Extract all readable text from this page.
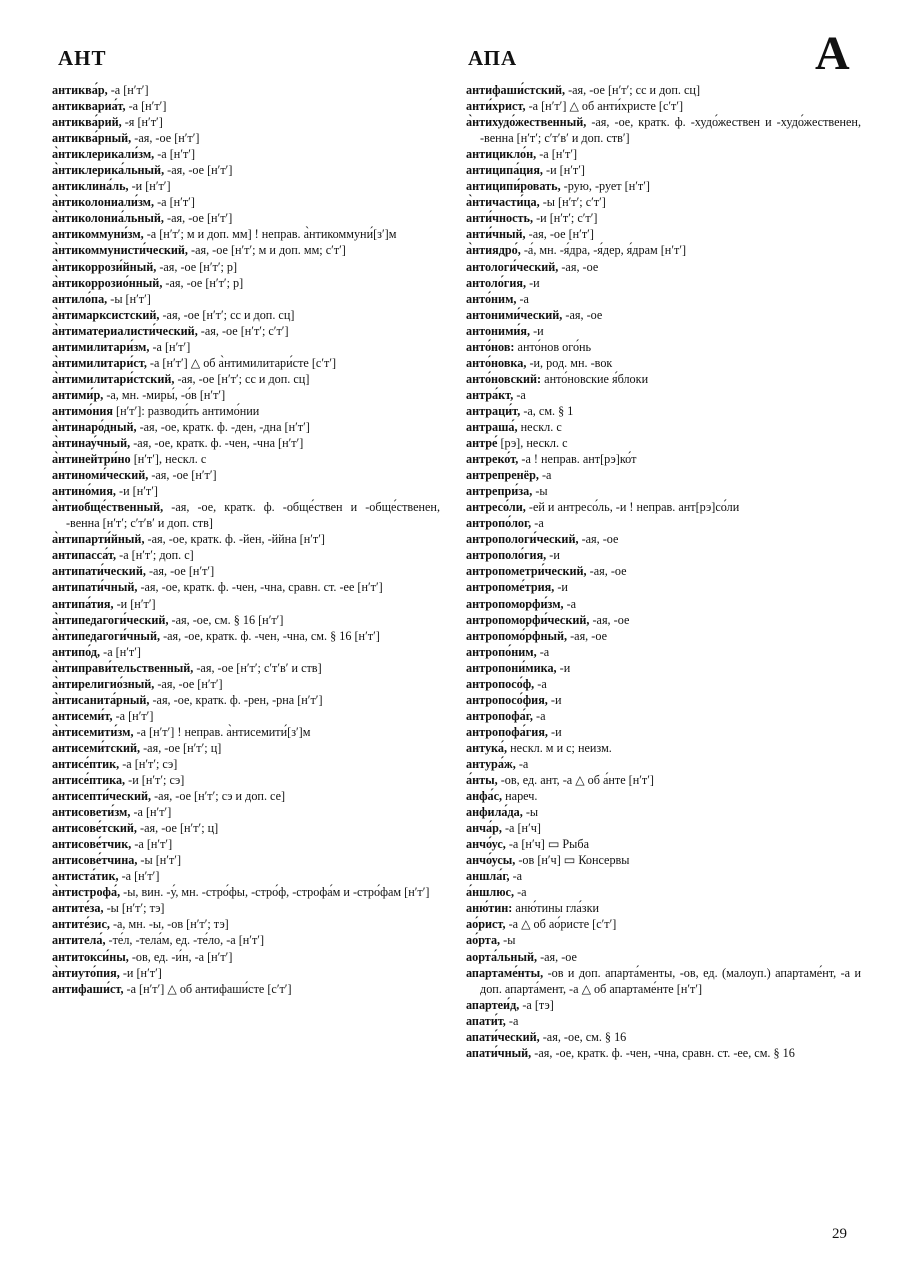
АНТ	АПА	А

антиква́р, -а [нʹтʹ]

антиквариа́т, -а [нʹтʹ]

антиква́рий, -я [нʹтʹ]

антиква́рный, -ая, -ое [нʹтʹ]

а̀нтиклерикали́зм, -а [нʹтʹ]

а̀нтиклерика́льный, -ая, -ое [нʹтʹ]

антиклина́ль, -и [нʹтʹ]

а̀нтиколониали́зм, -а [нʹтʹ]

а̀нтиколониа́льный, -ая, -ое [нʹтʹ]

антикоммуни́зм, -а [нʹтʹ; м и доп. мм] ! неправ. а̀нтикоммуни́[зʹ]м

а̀нтикоммунисти́ческий, -ая, -ое [нʹтʹ; м и доп. мм; сʹтʹ]

а̀нтикоррози́йный, -ая, -ое [нʹтʹ; р]

а̀нтикоррозио́нный, -ая, -ое [нʹтʹ; р]

антило́па, -ы [нʹтʹ]

а̀нтимарксистский, -ая, -ое [нʹтʹ; сс и доп. сц]

а̀нтиматериалисти́ческий, -ая, -ое [нʹтʹ; сʹтʹ]

антимилитари́зм, -а [нʹтʹ]

а̀нтимилитари́ст, -а [нʹтʹ] △ об а̀нтимилитари́сте [сʹтʹ]

а̀нтимилитари́стский, -ая, -ое [нʹтʹ; сс и доп. сц]

антими́р, -а, мн. -миры́, -о́в [нʹтʹ]

антимо́ния [нʹтʹ]: разводи́ть антимо́нии

а̀нтинаро́дный, -ая, -ое, кратк. ф. -ден, -дна [нʹтʹ]

а̀нтинау́чный, -ая, -ое, кратк. ф. -чен, -чна [нʹтʹ]

а̀нтинейтри́но [нʹтʹ], нескл. с

антиноми́ческий, -ая, -ое [нʹтʹ]

антино́мия, -и [нʹтʹ]

а̀нтиобще́ственный, -ая, -ое, кратк. ф. -обще́ствен и -обще́ственен, -венна [нʹтʹ; сʹтʹвʹ и доп. ств]

а̀нтипарти́йный, -ая, -ое, кратк. ф. -йен, -ййна [нʹтʹ]

антипасса́т, -а [нʹтʹ; доп. с]

антипати́ческий, -ая, -ое [нʹтʹ]

антипати́чный, -ая, -ое, кратк. ф. -чен, -чна, сравн. ст. -ее [нʹтʹ]

антипа́тия, -и [нʹтʹ]

а̀нтипедагоги́ческий, -ая, -ое, см. § 16 [нʹтʹ]

а̀нтипедагоги́чный, -ая, -ое, кратк. ф. -чен, -чна, см. § 16 [нʹтʹ]

антипо́д, -а [нʹтʹ]

а̀нтиправи́тельственный, -ая, -ое [нʹтʹ; сʹтʹвʹ и ств]

а̀нтирелигио́зный, -ая, -ое [нʹтʹ]

а̀нтисанита́рный, -ая, -ое, кратк. ф. -рен, -рна [нʹтʹ]

антисеми́т, -а [нʹтʹ]

а̀нтисемити́зм, -а [нʹтʹ] ! неправ. а̀нтисемити́[зʹ]м

антисеми́тский, -ая, -ое [нʹтʹ; ц]

антисе́птик, -а [нʹтʹ; сэ]

антисе́птика, -и [нʹтʹ; сэ]

антисепти́ческий, -ая, -ое [нʹтʹ; сэ и доп. се]

антисовети́зм, -а [нʹтʹ]

антисове́тский, -ая, -ое [нʹтʹ; ц]

антисове́тчик, -а [нʹтʹ]

антисове́тчина, -ы [нʹтʹ]

антиста́тик, -а [нʹтʹ]

а̀нтистрофа́, -ы, вин. -у́, мн. -стро́фы, -стро́ф, -строфа́м и -стро́фам [нʹтʹ]

антите́за, -ы [нʹтʹ; тэ]

антите́зис, -а, мн. -ы, -ов [нʹтʹ; тэ]

антитела́, -те́л, -тела́м, ед. -те́ло, -а [нʹтʹ]

антитокси́ны, -ов, ед. -и́н, -а [нʹтʹ]

а̀нтиуто́пия, -и [нʹтʹ]

антифаши́ст, -а [нʹтʹ] △ об антифаши́сте [сʹтʹ]

антифаши́стский, -ая, -ое [нʹтʹ; сс и доп. сц]

анти́христ, -а [нʹтʹ] △ об анти́христе [сʹтʹ]

а̀нтихудо́жественный, -ая, -ое, кратк. ф. -худо́жествен и -худо́жественен, -венна [нʹтʹ; сʹтʹвʹ и доп. ствʹ]

антицикло́н, -а [нʹтʹ]

антиципа́ция, -и [нʹтʹ]

антиципи́ровать, -рую, -рует [нʹтʹ]

а̀нтичасти́ца, -ы [нʹтʹ; сʹтʹ]

анти́чность, -и [нʹтʹ; сʹтʹ]

анти́чный, -ая, -ое [нʹтʹ]

а̀нтиядро́, -а́, мн. -я́дра, -я́дер, я́драм [нʹтʹ]

антологи́ческий, -ая, -ое

антоло́гия, -и

анто́ним, -а

антоними́ческий, -ая, -ое

антоними́я, -и

анто́нов: анто́нов ого́нь

анто́новка, -и, род. мн. -вок

анто́новский: анто́новские я́блоки

антра́кт, -а

антраци́т, -а, см. § 1

антраша́, нескл. с

антре́ [рэ], нескл. с

антреко́т, -а ! неправ. ант[рэ]ко́т

антрепренёр, -а

антрепри́за, -ы

антресо́ли, -ей и антресо́ль, -и ! неправ. ант[рэ]со́ли

антропо́лог, -а

антропологи́ческий, -ая, -ое

антрополо́гия, -и

антропометри́ческий, -ая, -ое

антропоме́трия, -и

антропоморфи́зм, -а

антропоморфи́ческий, -ая, -ое

антропомо́рфный, -ая, -ое

антропо́ним, -а

антропони́мика, -и

антропосо́ф, -а

антропосо́фия, -и

антропофа́г, -а

антропофа́гия, -и

антука́, нескл. м и с; неизм.

антура́ж, -а

а́нты, -ов, ед. ант, -а △ об а́нте [нʹтʹ]

анфа́с, нареч.

анфила́да, -ы

анча́р, -а [нʹч]

анчо́ус, -а [нʹч] ▭ Рыба

анчо́усы, -ов [нʹч] ▭ Консервы

аншла́г, -а

а́ншлюс, -а

аню́тин: аню́тины гла́зки

ао́рист, -а △ об ао́ристе [сʹтʹ]

ао́рта, -ы

аорта́льный, -ая, -ое

апартаме́нты, -ов и доп. апарта́менты, -ов, ед. (малоуп.) апартаме́нт, -а и доп. апарта́мент, -а △ об апартаме́нте [нʹтʹ]

апартеи́д, -а [тэ]

апати́т, -а

апати́ческий, -ая, -ое, см. § 16

апати́чный, -ая, -ое, кратк. ф. -чен, -чна, сравн. ст. -ее, см. § 16

29
